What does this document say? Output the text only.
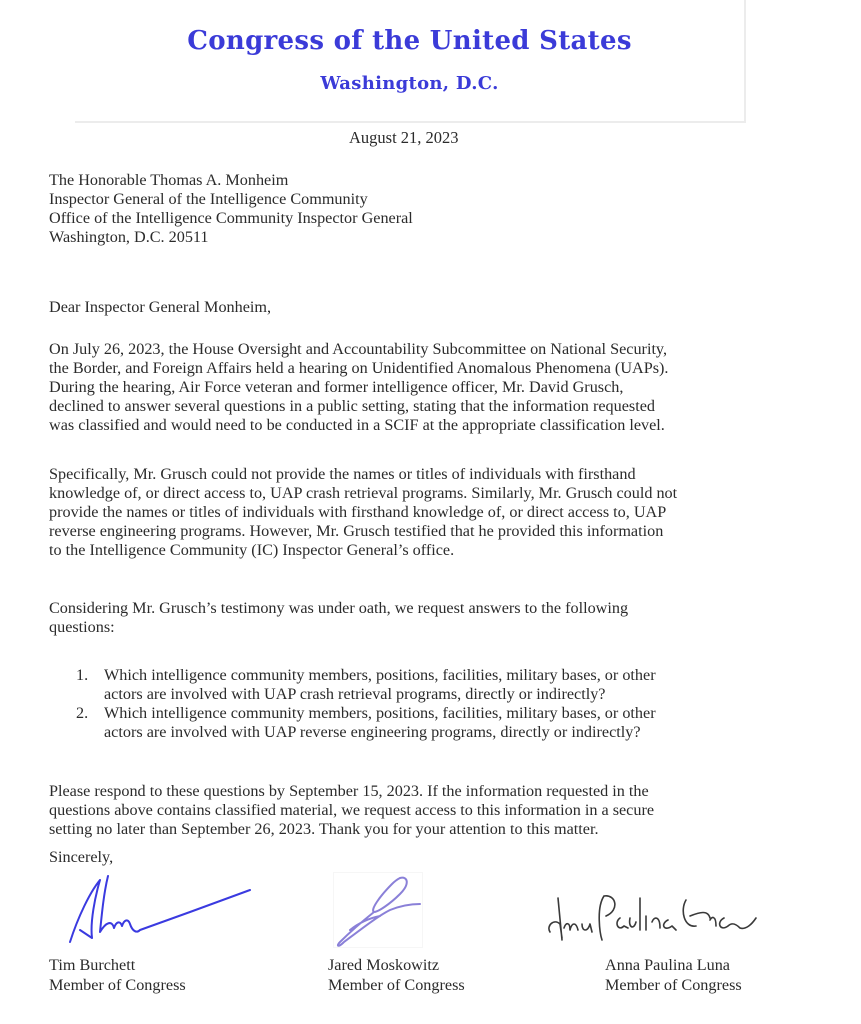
Congress of the United States
Washington, D.C.
August 21, 2023
The Honorable Thomas A. Monheim
Inspector General of the Intelligence Community
Office of the Intelligence Community Inspector General
Washington, D.C. 20511
Dear Inspector General Monheim,
On July 26, 2023, the House Oversight and Accountability Subcommittee on National Security,
the Border, and Foreign Affairs held a hearing on Unidentified Anomalous Phenomena (UAPs).
During the hearing, Air Force veteran and former intelligence officer, Mr. David Grusch,
declined to answer several questions in a public setting, stating that the information requested
was classified and would need to be conducted in a SCIF at the appropriate classification level.
Specifically, Mr. Grusch could not provide the names or titles of individuals with firsthand
knowledge of, or direct access to, UAP crash retrieval programs. Similarly, Mr. Grusch could not
provide the names or titles of individuals with firsthand knowledge of, or direct access to, UAP
reverse engineering programs. However, Mr. Grusch testified that he provided this information
to the Intelligence Community (IC) Inspector General’s office.
Considering Mr. Grusch’s testimony was under oath, we request answers to the following
questions:
1. Which intelligence community members, positions, facilities, military bases, or other
actors are involved with UAP crash retrieval programs, directly or indirectly?
2. Which intelligence community members, positions, facilities, military bases, or other
actors are involved with UAP reverse engineering programs, directly or indirectly?
Please respond to these questions by September 15, 2023. If the information requested in the
questions above contains classified material, we request access to this information in a secure
setting no later than September 26, 2023. Thank you for your attention to this matter.
Sincerely,
Tim Burchett
Member of Congress
Jared Moskowitz
Member of Congress
Anna Paulina Luna
Member of Congress
